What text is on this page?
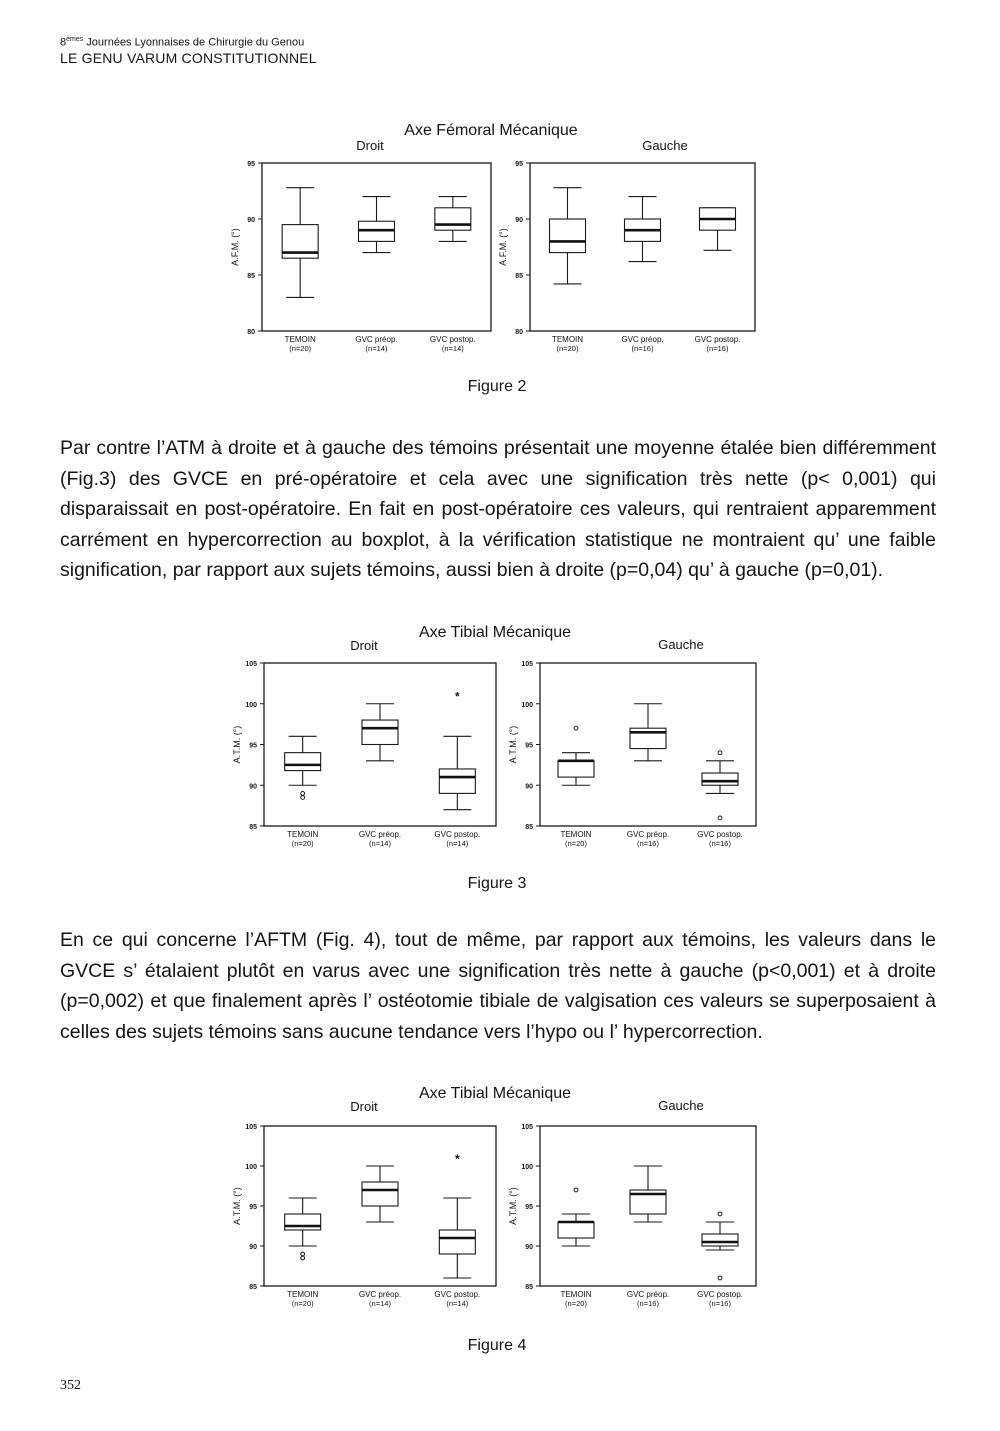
8èmes Journées Lyonnaises de Chirurgie du Genou
LE GENU VARUM CONSTITUTIONNEL
Axe Fémoral Mécanique
Droit
80
85
90
95
A.F.M. (°)
TEMOIN
(n=20)
GVC préop.
(n=14)
GVC postop.
(n=14)
Gauche
80
85
90
95
A.F.M. (°)
TEMOIN
(n=20)
GVC préop.
(n=16)
GVC postop.
(n=16)
Figure 2

Par contre l’ATM à droite et à gauche des témoins présentait une moyenne étalée bien différemment (Fig.3) des GVCE en pré-opératoire et cela avec une signification très nette (p< 0,001) qui disparaissait en post-opératoire. En fait en post-opératoire ces valeurs, qui rentraient apparemment carrément en hypercorrection au boxplot, à la vérification statistique ne montraient qu’ une faible signification, par rapport aux sujets témoins, aussi bien à droite (p=0,04) qu’ à gauche (p=0,01).

Axe Tibial Mécanique
Droit
85
90
95
100
105
A.T.M. (°)
TEMOIN
(n=20)
GVC préop.
(n=14)
*
GVC postop.
(n=14)
Gauche
85
90
95
100
105
A.T.M. (°)
TEMOIN
(n=20)
GVC préop.
(n=16)
GVC postop.
(n=16)
Figure 3

En ce qui concerne l’AFTM (Fig. 4), tout de même, par rapport aux témoins, les valeurs dans le GVCE s’ étalaient plutôt en varus avec une signification très nette à gauche (p<0,001) et à droite (p=0,002) et que finalement après l’ ostéotomie tibiale de valgisation ces valeurs se superposaient à celles des sujets témoins sans aucune tendance vers l’hypo ou l’ hypercorrection.

Axe Tibial Mécanique
Droit
85
90
95
100
105
A.T.M. (°)
TEMOIN
(n=20)
GVC préop.
(n=14)
*
GVC postop.
(n=14)
Gauche
85
90
95
100
105
A.T.M. (°)
TEMOIN
(n=20)
GVC préop.
(n=16)
GVC postop.
(n=16)
Figure 4
352
